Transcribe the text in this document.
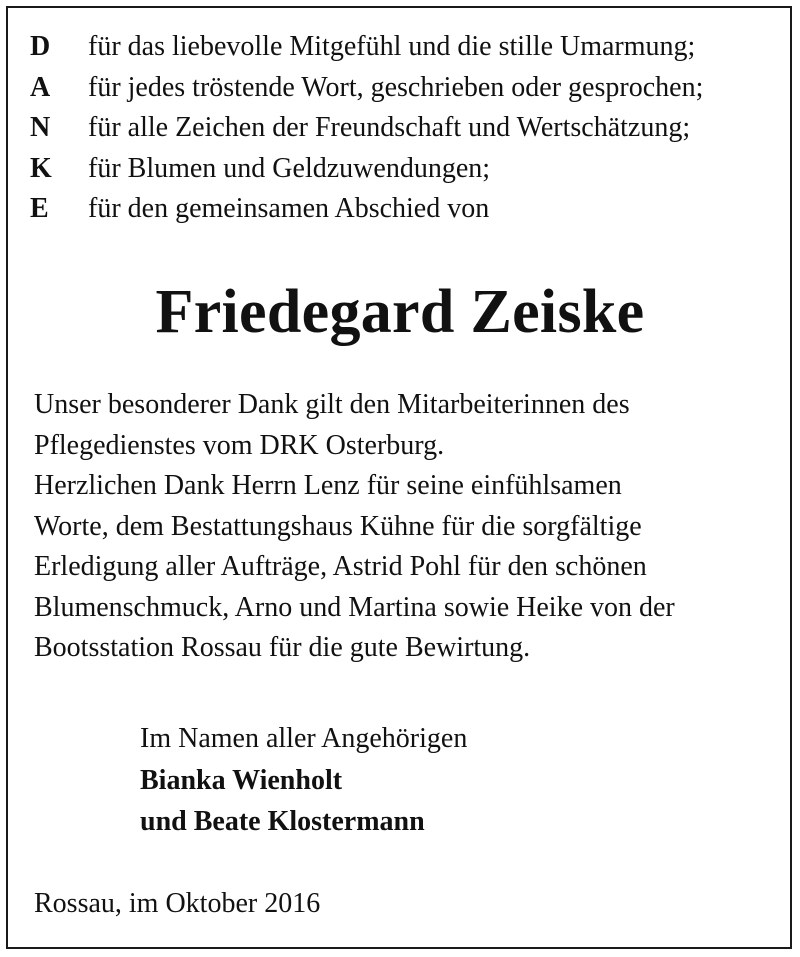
D	für das liebevolle Mitgefühl und die stille Umarmung;
A	für jedes tröstende Wort, geschrieben oder gesprochen;
N	für alle Zeichen der Freundschaft und Wertschätzung;
K	für Blumen und Geldzuwendungen;
E	für den gemeinsamen Abschied von
Friedegard Zeiske
Unser besonderer Dank gilt den Mitarbeiterinnen des
Pflegedienstes vom DRK Osterburg.
Herzlichen Dank Herrn Lenz für seine einfühlsamen
Worte, dem Bestattungshaus Kühne für die sorgfältige
Erledigung aller Aufträge, Astrid Pohl für den schönen
Blumenschmuck, Arno und Martina sowie Heike von der
Bootsstation Rossau für die gute Bewirtung.
Im Namen aller Angehörigen
Bianka Wienholt
und Beate Klostermann
Rossau, im Oktober 2016
